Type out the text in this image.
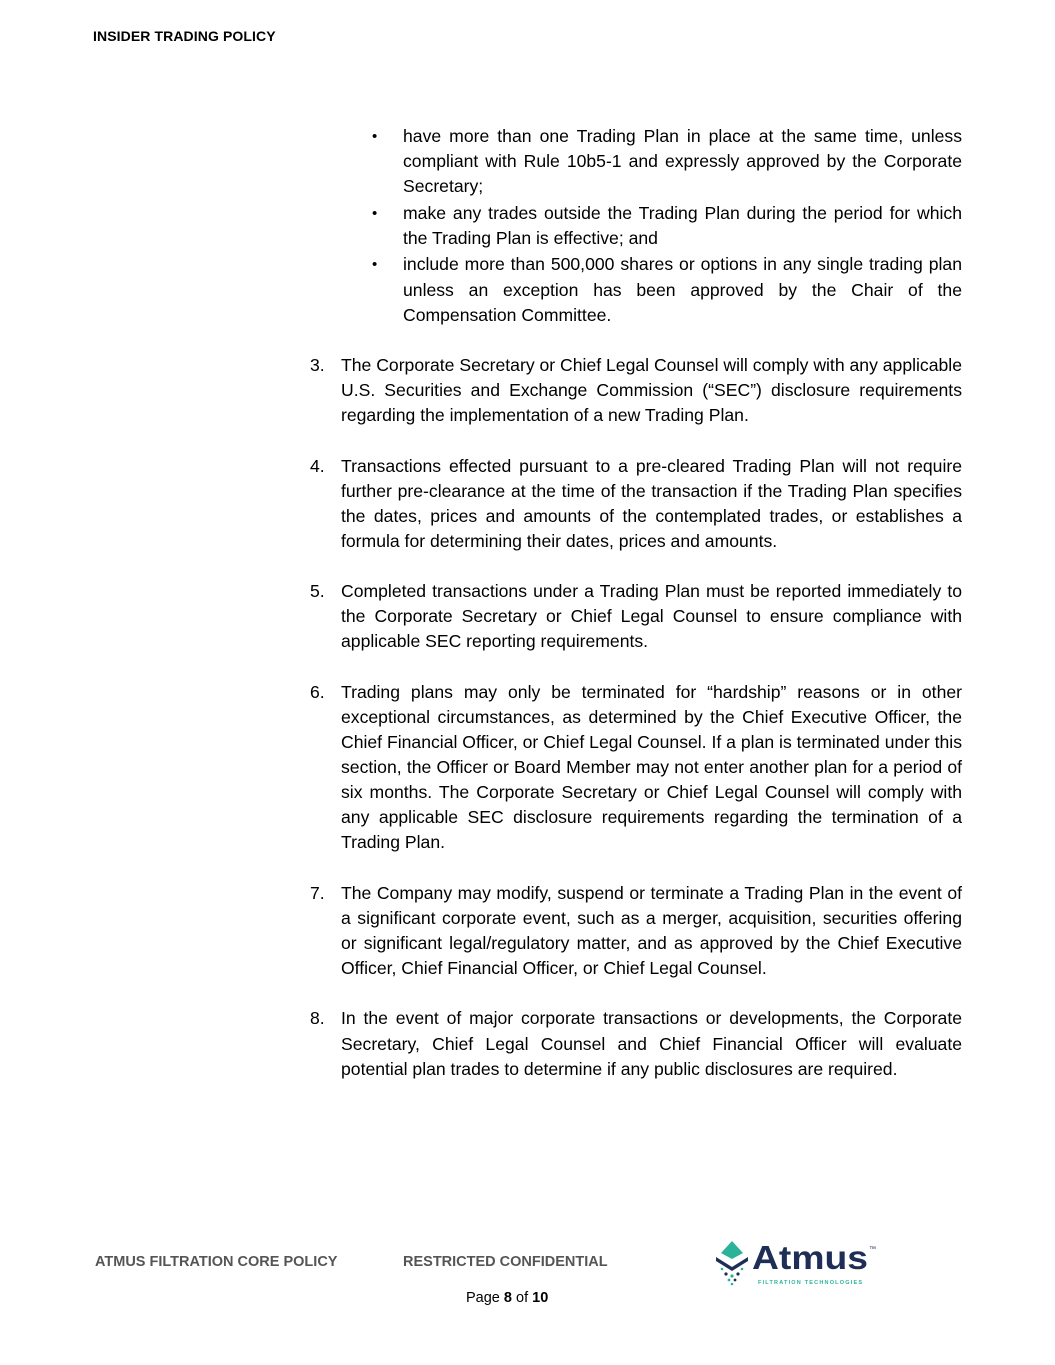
INSIDER TRADING POLICY
• have more than one Trading Plan in place at the same time, unless compliant with Rule 10b5-1 and expressly approved by the Corporate Secretary;
• make any trades outside the Trading Plan during the period for which the Trading Plan is effective; and
• include more than 500,000 shares or options in any single trading plan unless an exception has been approved by the Chair of the Compensation Committee.
3. The Corporate Secretary or Chief Legal Counsel will comply with any applicable U.S. Securities and Exchange Commission (“SEC”) disclosure requirements regarding the implementation of a new Trading Plan.
4. Transactions effected pursuant to a pre-cleared Trading Plan will not require further pre-clearance at the time of the transaction if the Trading Plan specifies the dates, prices and amounts of the contemplated trades, or establishes a formula for determining their dates, prices and amounts.
5. Completed transactions under a Trading Plan must be reported immediately to the Corporate Secretary or Chief Legal Counsel to ensure compliance with applicable SEC reporting requirements.
6. Trading plans may only be terminated for “hardship” reasons or in other exceptional circumstances, as determined by the Chief Executive Officer, the Chief Financial Officer, or Chief Legal Counsel. If a plan is terminated under this section, the Officer or Board Member may not enter another plan for a period of six months. The Corporate Secretary or Chief Legal Counsel will comply with any applicable SEC disclosure requirements regarding the termination of a Trading Plan.
7. The Company may modify, suspend or terminate a Trading Plan in the event of a significant corporate event, such as a merger, acquisition, securities offering or significant legal/regulatory matter, and as approved by the Chief Executive Officer, Chief Financial Officer, or Chief Legal Counsel.
8. In the event of major corporate transactions or developments, the Corporate Secretary, Chief Legal Counsel and Chief Financial Officer will evaluate potential plan trades to determine if any public disclosures are required.
ATMUS FILTRATION CORE POLICY	RESTRICTED CONFIDENTIAL
Page 8 of 10
Atmus ™
FILTRATION TECHNOLOGIES
